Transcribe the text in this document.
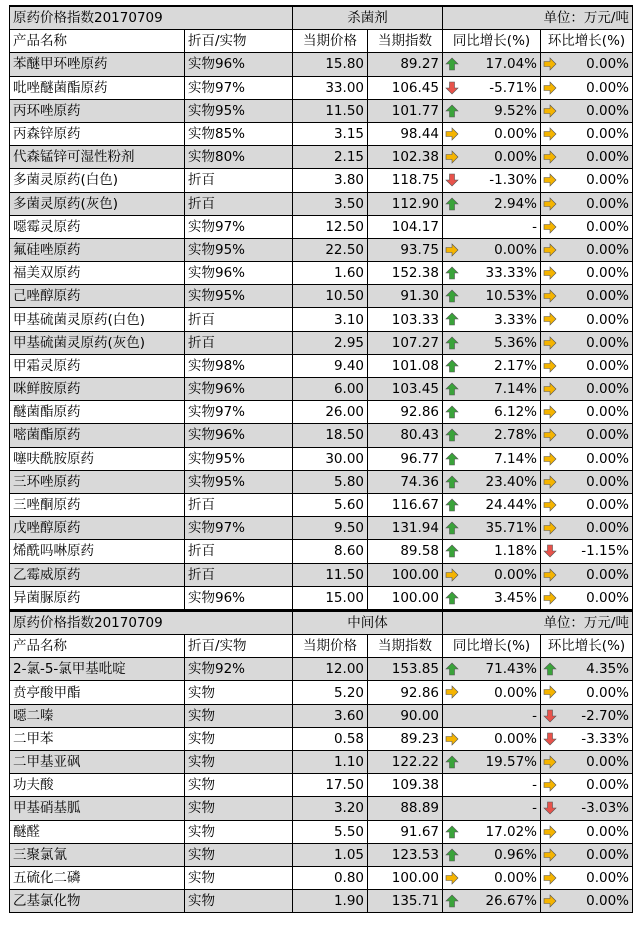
原药价格指数20170709		杀菌剂		单位：万元/吨	
产品名称	折百/实物	当期价格	当期指数	同比增长(%)	环比增长(%)
苯醚甲环唑原药	实物96%	15.80	89.27	17.04%	0.00%
吡唑醚菌酯原药	实物97%	33.00	106.45	-5.71%	0.00%
丙环唑原药	实物95%	11.50	101.77	9.52%	0.00%
丙森锌原药	实物85%	3.15	98.44	0.00%	0.00%
代森锰锌可湿性粉剂	实物80%	2.15	102.38	0.00%	0.00%
多菌灵原药(白色)	折百	3.80	118.75	-1.30%	0.00%
多菌灵原药(灰色)	折百	3.50	112.90	2.94%	0.00%
噁霉灵原药	实物97%	12.50	104.17	-	0.00%
氟硅唑原药	实物95%	22.50	93.75	0.00%	0.00%
福美双原药	实物96%	1.60	152.38	33.33%	0.00%
己唑醇原药	实物95%	10.50	91.30	10.53%	0.00%
甲基硫菌灵原药(白色)	折百	3.10	103.33	3.33%	0.00%
甲基硫菌灵原药(灰色)	折百	2.95	107.27	5.36%	0.00%
甲霜灵原药	实物98%	9.40	101.08	2.17%	0.00%
咪鲜胺原药	实物96%	6.00	103.45	7.14%	0.00%
醚菌酯原药	实物97%	26.00	92.86	6.12%	0.00%
嘧菌酯原药	实物96%	18.50	80.43	2.78%	0.00%
噻呋酰胺原药	实物95%	30.00	96.77	7.14%	0.00%
三环唑原药	实物95%	5.80	74.36	23.40%	0.00%
三唑酮原药	折百	5.60	116.67	24.44%	0.00%
戊唑醇原药	实物97%	9.50	131.94	35.71%	0.00%
烯酰吗啉原药	折百	8.60	89.58	1.18%	-1.15%
乙霉威原药	折百	11.50	100.00	0.00%	0.00%
异菌脲原药	实物96%	15.00	100.00	3.45%	0.00%
原药价格指数20170709		中间体		单位：万元/吨	
产品名称	折百/实物	当期价格	当期指数	同比增长(%)	环比增长(%)
2-氯-5-氯甲基吡啶	实物92%	12.00	153.85	71.43%	4.35%
贲亭酸甲酯	实物	5.20	92.86	0.00%	0.00%
噁二嗪	实物	3.60	90.00	-	-2.70%
二甲苯	实物	0.58	89.23	0.00%	-3.33%
二甲基亚砜	实物	1.10	122.22	19.57%	0.00%
功夫酸	实物	17.50	109.38	-	0.00%
甲基硝基胍	实物	3.20	88.89	-	-3.03%
醚醛	实物	5.50	91.67	17.02%	0.00%
三聚氯氰	实物	1.05	123.53	0.96%	0.00%
五硫化二磷	实物	0.80	100.00	0.00%	0.00%
乙基氯化物	实物	1.90	135.71	26.67%	0.00%
